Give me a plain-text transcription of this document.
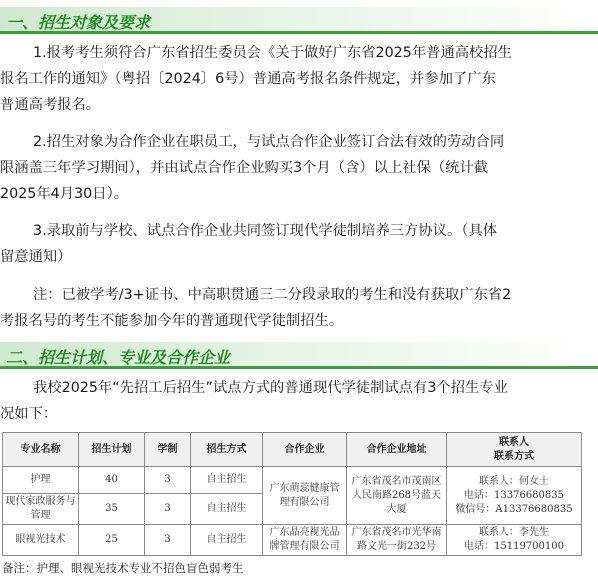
一、招生对象及要求
1.报考考生须符合广东省招生委员会《关于做好广东省2025年普通高校招生
报名工作的通知》（粤招〔2024〕6号）普通高考报名条件规定，并参加了广东
普通高考报名。
2.招生对象为合作企业在职员工，与试点合作企业签订合法有效的劳动合同
限涵盖三年学习期间），并由试点合作企业购买3个月（含）以上社保（统计截
2025年4月30日）。
3.录取前与学校、试点合作企业共同签订现代学徒制培养三方协议。（具体
留意通知）
注：已被学考/3+证书、中高职贯通三二分段录取的考生和没有获取广东省2
考报名号的考生不能参加今年的普通现代学徒制招生。
二、招生计划、专业及合作企业
我校2025年“先招工后招生”试点方式的普通现代学徒制试点有3个招生专业
况如下：
专业名称	招生计划	学制	招生方式	合作企业	合作企业地址	联系人
联系方式

护理	40	3	自主招生	广东萌蕊健康管理有限公司	广东省茂名市茂南区人民南路268号蓝天大厦	联系人：何女士
电话：13376680835
微信号：A13376680835

现代家政服务与管理	35	3	自主招生			
眼视光技术	25	3	自主招生	广东晶亮视光品牌管理有限公司	广东省茂名市光华南路文光一街232号	联系人：李先生
电话：15119700100
备注：护理、眼视光技术专业不招色盲色弱考生
